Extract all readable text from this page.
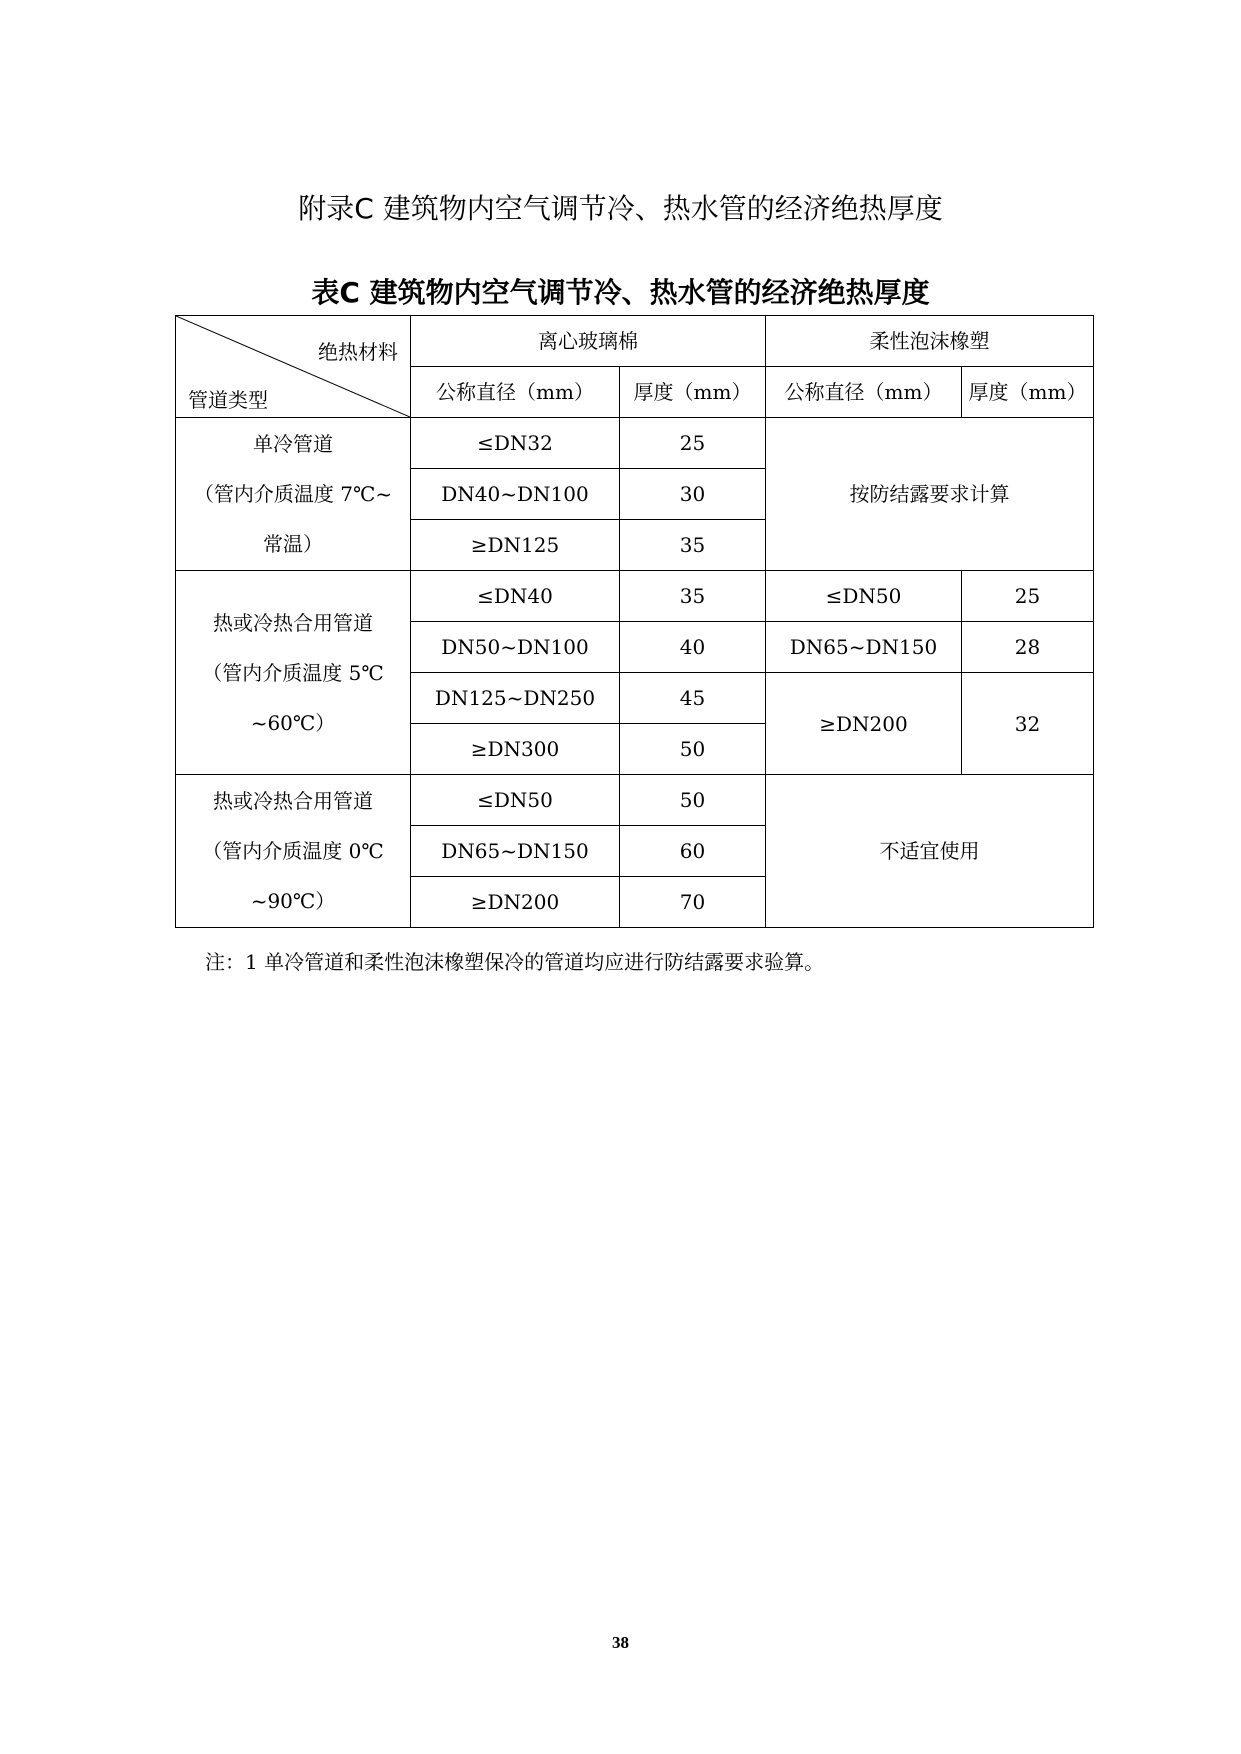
附录C 建筑物内空气调节冷、热水管的经济绝热厚度
表C 建筑物内空气调节冷、热水管的经济绝热厚度
绝热材料
管道类型	离心玻璃棉		柔性泡沫橡塑	
	公称直径（mm）	厚度（mm）	公称直径（mm）	厚度（mm）

单冷管道
（管内介质温度 7℃~
常温）	≤DN32	25	按防结露要求计算	
	DN40~DN100	30		
	≥DN125	35		

热或冷热合用管道
（管内介质温度 5℃
~60℃）	≤DN40	35	≤DN50	25
	DN50~DN100	40	DN65~DN150	28
	DN125~DN250	45	≥DN200	32
	≥DN300	50		

热或冷热合用管道
（管内介质温度 0℃
~90℃）	≤DN50	50	不适宜使用	
	DN65~DN150	60		
	≥DN200	70		
注：1 单冷管道和柔性泡沫橡塑保冷的管道均应进行防结露要求验算。
38
